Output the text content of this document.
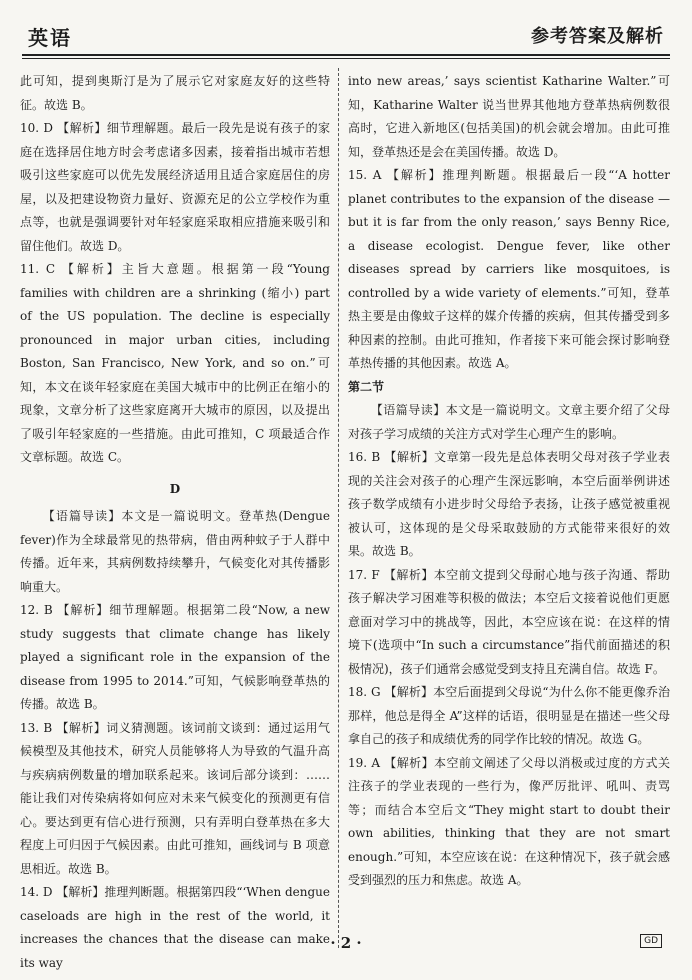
英语	参考答案及解析

此可知，提到奥斯汀是为了展示它对家庭友好的这些特征。故选 B。

10. D 【解析】细节理解题。最后一段先是说有孩子的家庭在选择居住地方时会考虑诸多因素，接着指出城市若想吸引这些家庭可以优先发展经济适用且适合家庭居住的房屋，以及把建设物资力量好、资源充足的公立学校作为重点等，也就是强调要针对年轻家庭采取相应措施来吸引和留住他们。故选 D。

11. C 【解析】主旨大意题。根据第一段“Young families with children are a shrinking (缩小) part of the US population. The decline is especially pronounced in major urban cities, including Boston, San Francisco, New York, and so on.”可知，本文在谈年轻家庭在美国大城市中的比例正在缩小的现象，文章分析了这些家庭离开大城市的原因，以及提出了吸引年轻家庭的一些措施。由此可推知，C 项最适合作文章标题。故选 C。

D

【语篇导读】本文是一篇说明文。登革热(Dengue fever)作为全球最常见的热带病，借由两种蚊子于人群中传播。近年来，其病例数持续攀升，气候变化对其传播影响重大。

12. B 【解析】细节理解题。根据第二段“Now, a new study suggests that climate change has likely played a significant role in the expansion of the disease from 1995 to 2014.”可知，气候影响登革热的传播。故选 B。

13. B 【解析】词义猜测题。该词前文谈到：通过运用气候模型及其他技术，研究人员能够将人为导致的气温升高与疾病病例数量的增加联系起来。该词后部分谈到：……能让我们对传染病将如何应对未来气候变化的预测更有信心。要达到更有信心进行预测，只有弄明白登革热在多大程度上可归因于气候因素。由此可推知，画线词与 B 项意思相近。故选 B。

14. D 【解析】推理判断题。根据第四段“‘When dengue caseloads are high in the rest of the world, it increases the chances that the disease can make its way

into new areas,’ says scientist Katharine Walter.”可知，Katharine Walter 说当世界其他地方登革热病例数很高时，它进入新地区(包括美国)的机会就会增加。由此可推知，登革热还是会在美国传播。故选 D。

15. A 【解析】推理判断题。根据最后一段“‘A hotter planet contributes to the expansion of the disease — but it is far from the only reason,’ says Benny Rice, a disease ecologist. Dengue fever, like other diseases spread by carriers like mosquitoes, is controlled by a wide variety of elements.”可知，登革热主要是由像蚊子这样的媒介传播的疾病，但其传播受到多种因素的控制。由此可推知，作者接下来可能会探讨影响登革热传播的其他因素。故选 A。

第二节

【语篇导读】本文是一篇说明文。文章主要介绍了父母对孩子学习成绩的关注方式对学生心理产生的影响。

16. B 【解析】文章第一段先是总体表明父母对孩子学业表现的关注会对孩子的心理产生深远影响，本空后面举例讲述孩子数学成绩有小进步时父母给予表扬，让孩子感觉被重视被认可，这体现的是父母采取鼓励的方式能带来很好的效果。故选 B。

17. F 【解析】本空前文提到父母耐心地与孩子沟通、帮助孩子解决学习困难等积极的做法；本空后文接着说他们更愿意面对学习中的挑战等，因此，本空应该在说：在这样的情境下(选项中“In such a circumstance”指代前面描述的积极情况)，孩子们通常会感觉受到支持且充满自信。故选 F。

18. G 【解析】本空后面提到父母说“为什么你不能更像乔治那样，他总是得全 A”这样的话语，很明显是在描述一些父母拿自己的孩子和成绩优秀的同学作比较的情况。故选 G。

19. A 【解析】本空前文阐述了父母以消极或过度的方式关注孩子的学业表现的一些行为，像严厉批评、吼叫、责骂等；而结合本空后文“They might start to doubt their own abilities, thinking that they are not smart enough.”可知，本空应该在说：在这种情况下，孩子就会感受到强烈的压力和焦虑。故选 A。

· 2 ·	GD
